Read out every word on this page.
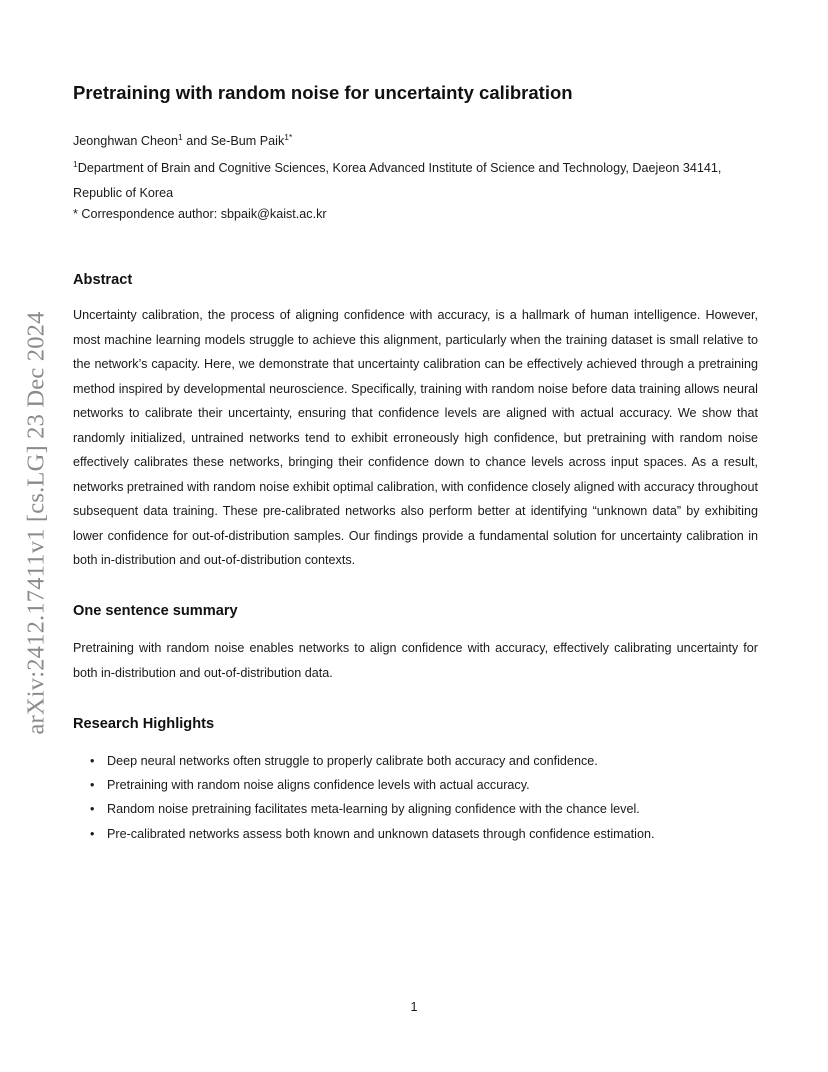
arXiv:2412.17411v1 [cs.LG] 23 Dec 2024
Pretraining with random noise for uncertainty calibration
Jeonghwan Cheon$^1$ and Se-Bum Paik$^{1*}$
$^1$Department of Brain and Cognitive Sciences, Korea Advanced Institute of Science and Technology, Daejeon 34141, Republic of Korea
* Correspondence author: sbpaik@kaist.ac.kr
Abstract

Uncertainty calibration, the process of aligning confidence with accuracy, is a hallmark of human intelligence. However, most machine learning models struggle to achieve this alignment, particularly when the training dataset is small relative to the network’s capacity. Here, we demonstrate that uncertainty calibration can be effectively achieved through a pretraining method inspired by developmental neuroscience. Specifically, training with random noise before data training allows neural networks to calibrate their uncertainty, ensuring that confidence levels are aligned with actual accuracy. We show that randomly initialized, untrained networks tend to exhibit erroneously high confidence, but pretraining with random noise effectively calibrates these networks, bringing their confidence down to chance levels across input spaces. As a result, networks pretrained with random noise exhibit optimal calibration, with confidence closely aligned with accuracy throughout subsequent data training. These pre-calibrated networks also perform better at identifying “unknown data” by exhibiting lower confidence for out-of-distribution samples. Our findings provide a fundamental solution for uncertainty calibration in both in-distribution and out-of-distribution contexts.

One sentence summary

Pretraining with random noise enables networks to align confidence with accuracy, effectively calibrating uncertainty for both in-distribution and out-of-distribution data.

Research Highlights
• Deep neural networks often struggle to properly calibrate both accuracy and confidence.
• Pretraining with random noise aligns confidence levels with actual accuracy.
• Random noise pretraining facilitates meta-learning by aligning confidence with the chance level.
• Pre-calibrated networks assess both known and unknown datasets through confidence estimation.
1
